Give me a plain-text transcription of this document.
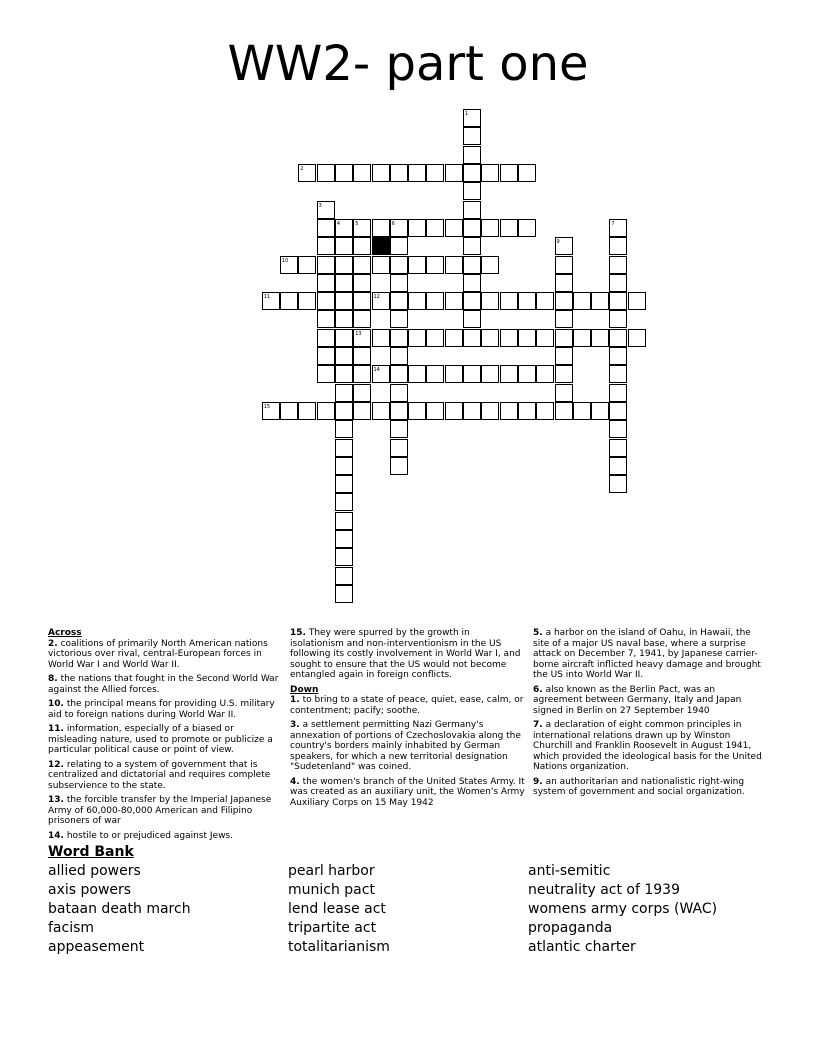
WW2- part one
2
5	6
10
11	12
13
14
15
1
3
4	7
9

Across

2. coalitions of primarily North American nations victorious over rival, central-European forces in World War I and World War II.

8. the nations that fought in the Second World War against the Allied forces.

10. the principal means for providing U.S. military aid to foreign nations during World War II.

11. information, especially of a biased or misleading nature, used to promote or publicize a particular political cause or point of view.

12. relating to a system of government that is centralized and dictatorial and requires complete subservience to the state.

13. the forcible transfer by the Imperial Japanese Army of 60,000-80,000 American and Filipino prisoners of war

14. hostile to or prejudiced against Jews.

15. They were spurred by the growth in isolationism and non-interventionism in the US following its costly involvement in World War I, and sought to ensure that the US would not become entangled again in foreign conflicts.

Down

1. to bring to a state of peace, quiet, ease, calm, or contentment; pacify; soothe.

3. a settlement permitting Nazi Germany's annexation of portions of Czechoslovakia along the country's borders mainly inhabited by German speakers, for which a new territorial designation "Sudetenland" was coined.

4. the women's branch of the United States Army. It was created as an auxiliary unit, the Women's Army Auxiliary Corps on 15 May 1942

5. a harbor on the island of Oahu, in Hawaii, the site of a major US naval base, where a surprise attack on December 7, 1941, by Japanese carrier-borne aircraft inflicted heavy damage and brought the US into World War II.

6. also known as the Berlin Pact, was an agreement between Germany, Italy and Japan signed in Berlin on 27 September 1940

7. a declaration of eight common principles in international relations drawn up by Winston Churchill and Franklin Roosevelt in August 1941, which provided the ideological basis for the United Nations organization.

9. an authoritarian and nationalistic right-wing system of government and social organization.

Word Bank

allied powers
axis powers
bataan death march
facism
appeasement
pearl harbor
munich pact
lend lease act
tripartite act
totalitarianism
anti-semitic
neutrality act of 1939
womens army corps (WAC)
propaganda
atlantic charter
